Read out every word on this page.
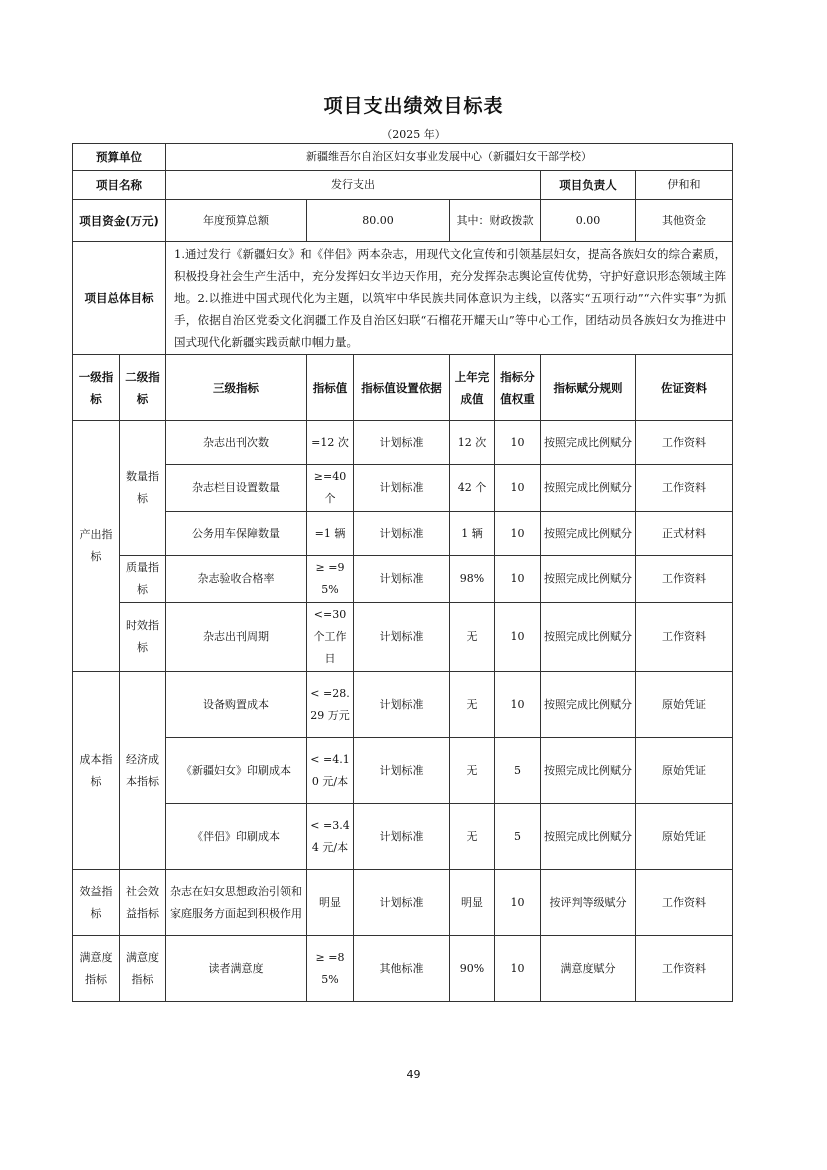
项目支出绩效目标表
（2025 年）
预算单位		新疆维吾尔自治区妇女事业发展中心（新疆妇女干部学校）						
项目名称		发行支出					项目负责人	伊和和
项目资金(万元)		年度预算总额	80.00		其中：财政拨款		0.00	其他资金
项目总体目标		1.通过发行《新疆妇女》和《伴侣》两本杂志，用现代文化宣传和引领基层妇女，提高各族妇女的综合素质，积极投身社会生产生活中，充分发挥妇女半边天作用，充分发挥杂志舆论宣传优势，守护好意识形态领域主阵地。2.以推进中国式现代化为主题，以筑牢中华民族共同体意识为主线，以落实“五项行动”“六件实事”为抓手，依据自治区党委文化润疆工作及自治区妇联“石榴花开耀天山”等中心工作，团结动员各族妇女为推进中国式现代化新疆实践贡献巾帼力量。						
一级指标	二级指标	三级指标	指标值	指标值设置依据	上年完成值	指标分值权重	指标赋分规则	佐证资料
产出指标	数量指标	杂志出刊次数	=12 次	计划标准	12 次	10	按照完成比例赋分	工作资料
		杂志栏目设置数量	≥=40 个	计划标准	42 个	10	按照完成比例赋分	工作资料
		公务用车保障数量	=1 辆	计划标准	1 辆	10	按照完成比例赋分	正式材料
	质量指标	杂志验收合格率	≥ =95%	计划标准	98%	10	按照完成比例赋分	工作资料
	时效指标	杂志出刊周期	<=30 个工作日	计划标准	无	10	按照完成比例赋分	工作资料
成本指标	经济成本指标	设备购置成本	< =28.29 万元	计划标准	无	10	按照完成比例赋分	原始凭证
		《新疆妇女》印刷成本	< =4.10 元/本	计划标准	无	5	按照完成比例赋分	原始凭证
		《伴侣》印刷成本	< =3.44 元/本	计划标准	无	5	按照完成比例赋分	原始凭证
效益指标	社会效益指标	杂志在妇女思想政治引领和家庭服务方面起到积极作用	明显	计划标准	明显	10	按评判等级赋分	工作资料
满意度指标	满意度指标	读者满意度	≥ =85%	其他标准	90%	10	满意度赋分	工作资料
49
